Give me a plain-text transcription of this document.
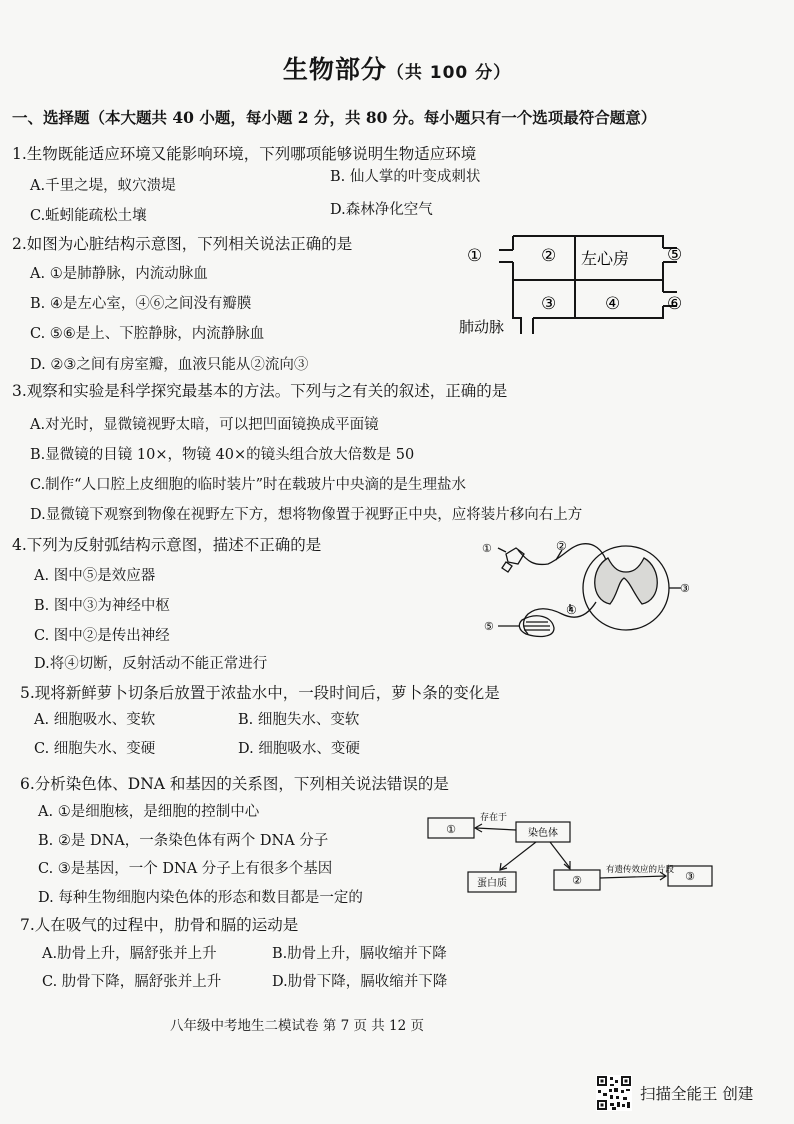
生物部分（共 100 分）
一、选择题（本大题共 40 小题，每小题 2 分，共 80 分。每小题只有一个选项最符合题意）
1.生物既能适应环境又能影响环境，下列哪项能够说明生物适应环境
A.千里之堤，蚁穴溃堤
B. 仙人掌的叶变成刺状
C.蚯蚓能疏松土壤	D.森林净化空气
2.如图为心脏结构示意图，下列相关说法正确的是
A. ①是肺静脉，内流动脉血
B. ④是左心室，④⑥之间没有瓣膜
C. ⑤⑥是上、下腔静脉，内流静脉血
D. ②③之间有房室瓣，血液只能从②流向③
①	② 左心房 ⑤
③	④	⑥
肺动脉
3.观察和实验是科学探究最基本的方法。下列与之有关的叙述，正确的是
A.对光时，显微镜视野太暗，可以把凹面镜换成平面镜
B.显微镜的目镜 10×，物镜 40×的镜头组合放大倍数是 50
C.制作“人口腔上皮细胞的临时装片”时在载玻片中央滴的是生理盐水
D.显微镜下观察到物像在视野左下方，想将物像置于视野正中央，应将装片移向右上方
4.下列为反射弧结构示意图，描述不正确的是
A. 图中⑤是效应器
B. 图中③为神经中枢
C. 图中②是传出神经
D.将④切断，反射活动不能正常进行
①	②
③
④
⑤
5.现将新鲜萝卜切条后放置于浓盐水中，一段时间后，萝卜条的变化是
A. 细胞吸水、变软	B. 细胞失水、变软
C. 细胞失水、变硬	D. 细胞吸水、变硬
6.分析染色体、DNA 和基因的关系图，下列相关说法错误的是
A. ①是细胞核，是细胞的控制中心
B. ②是 DNA，一条染色体有两个 DNA 分子
C. ③是基因，一个 DNA 分子上有很多个基因
D. 每种生物细胞内染色体的形态和数目都是一定的
①
存在于
染色体
蛋白质	②
有遗传效应的片段 ③
7.人在吸气的过程中，肋骨和膈的运动是
A.肋骨上升，膈舒张并上升	B.肋骨上升，膈收缩并下降
C. 肋骨下降，膈舒张并上升	D.肋骨下降，膈收缩并下降
八年级中考地生二模试卷 第 7 页 共 12 页
扫描全能王 创建
